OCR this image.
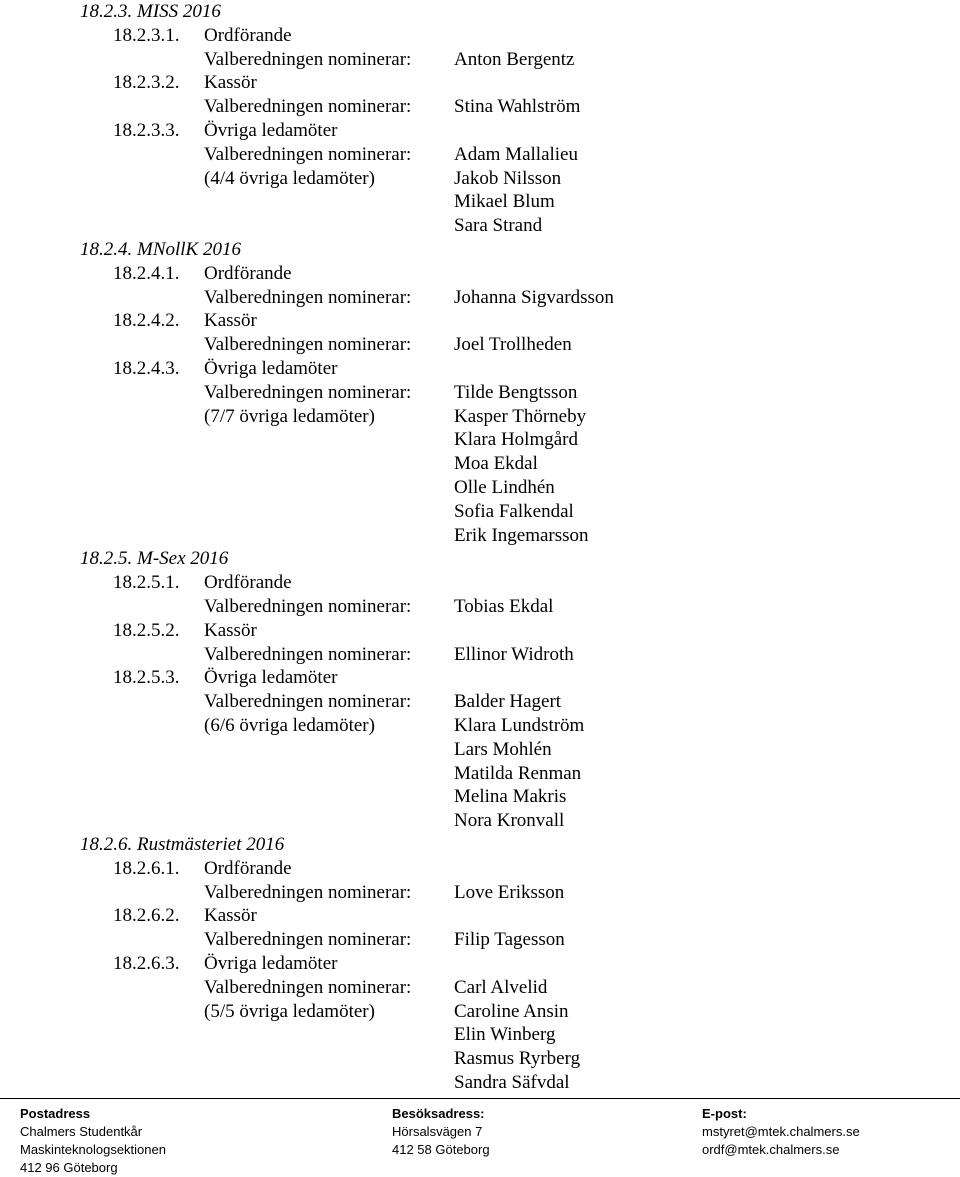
18.2.3. MISS 2016
18.2.3.1. Ordförande
Valberedningen nominerar: Anton Bergentz
18.2.3.2. Kassör
Valberedningen nominerar: Stina Wahlström
18.2.3.3. Övriga ledamöter
Valberedningen nominerar:
(4/4 övriga ledamöter)
Adam Mallalieu
Jakob Nilsson
Mikael Blum
Sara Strand
18.2.4. MNollK 2016
18.2.4.1. Ordförande
Valberedningen nominerar: Johanna Sigvardsson
18.2.4.2. Kassör
Valberedningen nominerar: Joel Trollheden
18.2.4.3. Övriga ledamöter
Valberedningen nominerar:
(7/7 övriga ledamöter)
Tilde Bengtsson
Kasper Thörneby
Klara Holmgård
Moa Ekdal
Olle Lindhén
Sofia Falkendal
Erik Ingemarsson
18.2.5. M-Sex 2016
18.2.5.1. Ordförande
Valberedningen nominerar: Tobias Ekdal
18.2.5.2. Kassör
Valberedningen nominerar: Ellinor Widroth
18.2.5.3. Övriga ledamöter
Valberedningen nominerar:
(6/6 övriga ledamöter)
Balder Hagert
Klara Lundström
Lars Mohlén
Matilda Renman
Melina Makris
Nora Kronvall
18.2.6. Rustmästeriet 2016
18.2.6.1. Ordförande
Valberedningen nominerar: Love Eriksson
18.2.6.2. Kassör
Valberedningen nominerar: Filip Tagesson
18.2.6.3. Övriga ledamöter
Valberedningen nominerar:
(5/5 övriga ledamöter)
Carl Alvelid
Caroline Ansin
Elin Winberg
Rasmus Ryrberg
Sandra Säfvdal
Postadress
Chalmers Studentkår
Maskinteknologsektionen
412 96 Göteborg
Besöksadress:
Hörsalsvägen 7
412 58 Göteborg
E-post:
mstyret@mtek.chalmers.se
ordf@mtek.chalmers.se
